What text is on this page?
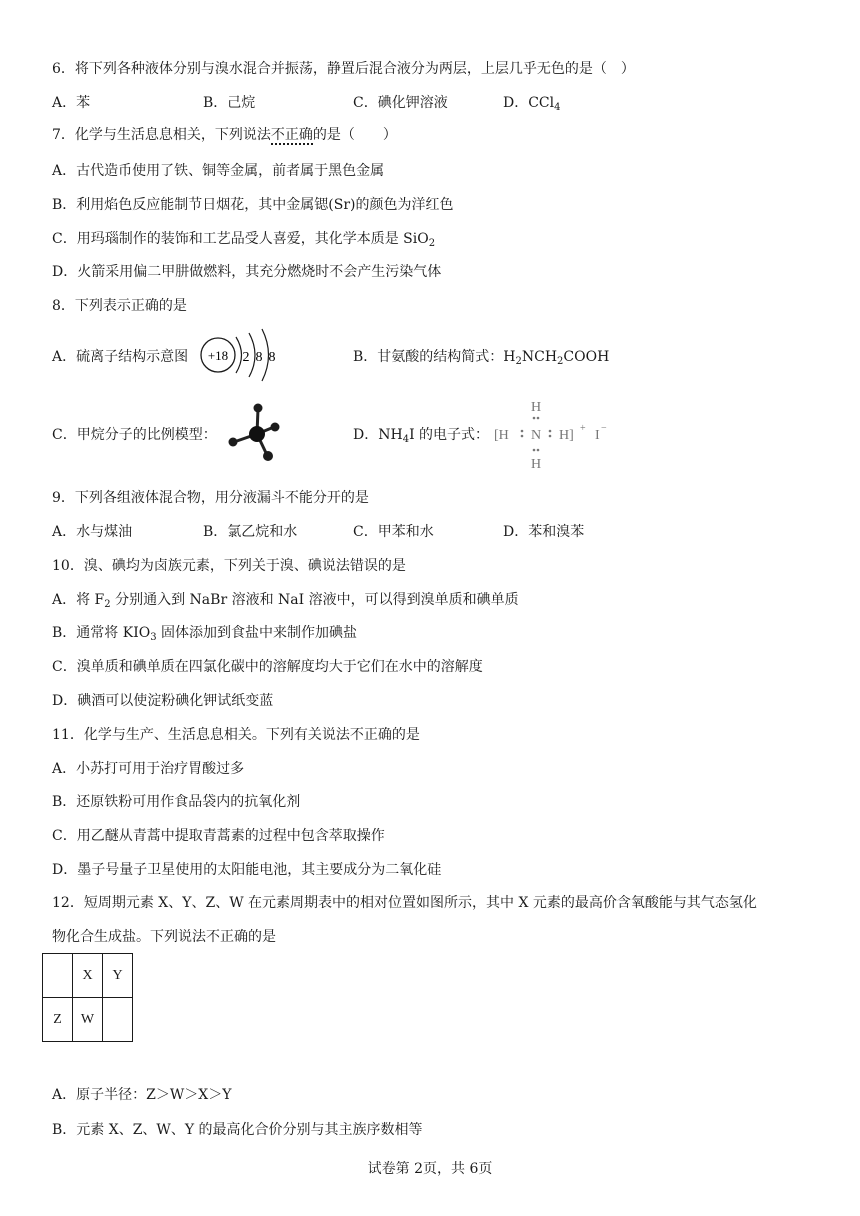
6．将下列各种液体分别与溴水混合并振荡，静置后混合液分为两层，上层几乎无色的是（　）
A．苯	B．己烷	C．碘化钾溶液	D．CCl$_4$
7．化学与生活息息相关，下列说法不正确的是（　　）
A．古代造币使用了铁、铜等金属，前者属于黑色金属
B．利用焰色反应能制节日烟花，其中金属锶(Sr)的颜色为洋红色
C．用玛瑙制作的装饰和工艺品受人喜爱，其化学本质是 SiO$_2$
D．火箭采用偏二甲肼做燃料，其充分燃烧时不会产生污染气体
8．下列表示正确的是
A．硫离子结构示意图 +18 2 8 8	B．甘氨酸的结构简式：$H_2NCH_2COOH$
C．甲烷分子的比例模型：	D．$NH_4I$ 的电子式：
H
[H N H] +
H
I −
9．下列各组液体混合物，用分液漏斗不能分开的是
A．水与煤油	B．氯乙烷和水	C．甲苯和水	D．苯和溴苯
10．溴、碘均为卤族元素，下列关于溴、碘说法错误的是
A．将 $F_2$ 分别通入到 NaBr 溶液和 NaI 溶液中，可以得到溴单质和碘单质
B．通常将 $KIO_3$ 固体添加到食盐中来制作加碘盐
C．溴单质和碘单质在四氯化碳中的溶解度均大于它们在水中的溶解度
D．碘酒可以使淀粉碘化钾试纸变蓝
11．化学与生产、生活息息相关。下列有关说法不正确的是
A．小苏打可用于治疗胃酸过多
B．还原铁粉可用作食品袋内的抗氧化剂
C．用乙醚从青蒿中提取青蒿素的过程中包含萃取操作
D．墨子号量子卫星使用的太阳能电池，其主要成分为二氧化硅
12．短周期元素 X、Y、Z、W 在元素周期表中的相对位置如图所示，其中 X 元素的最高价含氧酸能与其气态氢化
物化合生成盐。下列说法不正确的是
	X	Y
Z	W	
A．原子半径：Z＞W＞X＞Y
B．元素 X、Z、W、Y 的最高化合价分别与其主族序数相等
试卷第 2页，共 6页
